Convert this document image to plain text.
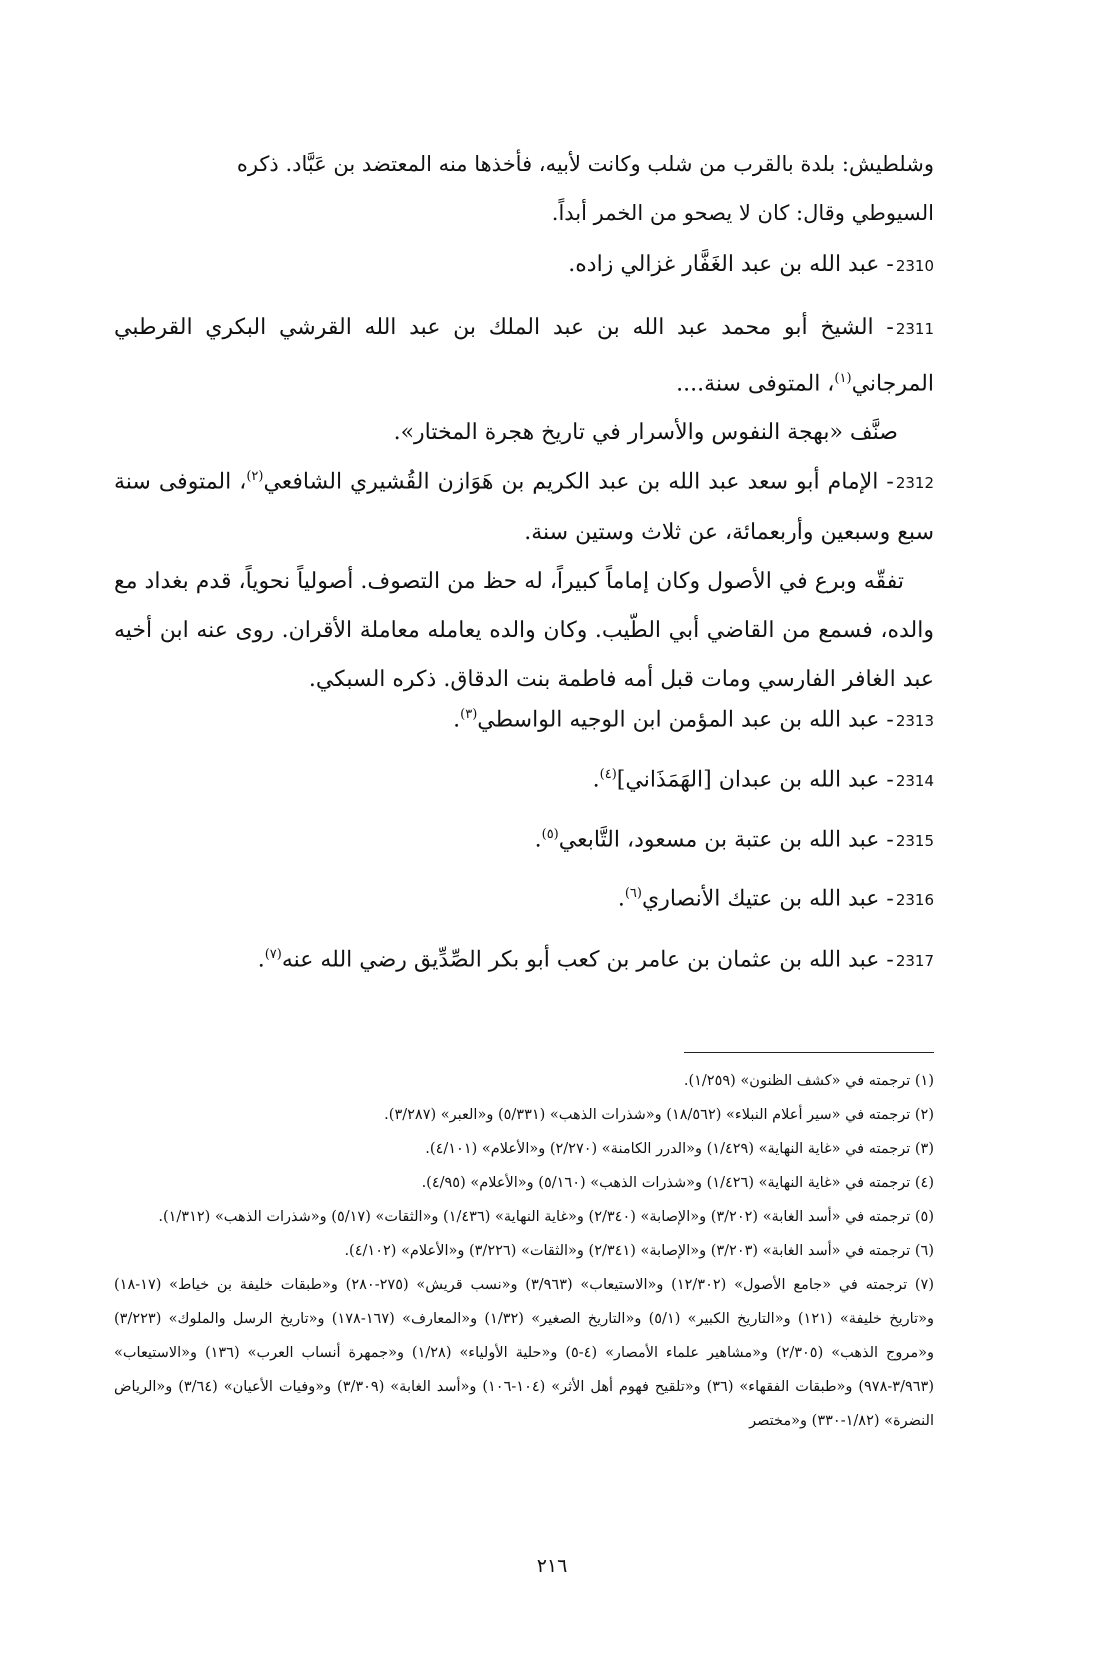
وشلطيش: بلدة بالقرب من شلب وكانت لأبيه، فأخذها منه المعتضد بن عَبَّاد. ذكره

السيوطي وقال: كان لا يصحو من الخمر أبداً.

2310- عبد الله بن عبد الغَفَّار غزالي زاده.
2311- الشيخ أبو محمد عبد الله بن عبد الملك بن عبد الله القرشي البكري القرطبي المرجاني$^{(١)}$، المتوفى سنة....
صنَّف «بهجة النفوس والأسرار في تاريخ هجرة المختار».
2312- الإمام أبو سعد عبد الله بن عبد الكريم بن هَوَازن القُشيري الشافعي$^{(٢)}$، المتوفى سنة سبع وسبعين وأربعمائة، عن ثلاث وستين سنة.
تفقّه وبرع في الأصول وكان إماماً كبيراً، له حظ من التصوف. أصولياً نحوياً، قدم بغداد مع والده، فسمع من القاضي أبي الطّيب. وكان والده يعامله معاملة الأقران. روى عنه ابن أخيه عبد الغافر الفارسي ومات قبل أمه فاطمة بنت الدقاق. ذكره السبكي.
2313- عبد الله بن عبد المؤمن ابن الوجيه الواسطي$^{(٣)}$.
2314- عبد الله بن عبدان [الهَمَذَاني]$^{(٤)}$.
2315- عبد الله بن عتبة بن مسعود، التَّابعي$^{(٥)}$.
2316- عبد الله بن عتيك الأنصاري$^{(٦)}$.
2317- عبد الله بن عثمان بن عامر بن كعب أبو بكر الصِّدِّيق رضي الله عنه$^{(٧)}$.
(١) ترجمته في «كشف الظنون» (١/٢٥٩).
(٢) ترجمته في «سير أعلام النبلاء» (١٨/٥٦٢) و«شذرات الذهب» (٥/٣٣١) و«العبر» (٣/٢٨٧).
(٣) ترجمته في «غاية النهاية» (١/٤٢٩) و«الدرر الكامنة» (٢/٢٧٠) و«الأعلام» (٤/١٠١).
(٤) ترجمته في «غاية النهاية» (١/٤٢٦) و«شذرات الذهب» (٥/١٦٠) و«الأعلام» (٤/٩٥).
(٥) ترجمته في «أسد الغابة» (٣/٢٠٢) و«الإصابة» (٢/٣٤٠) و«غاية النهاية» (١/٤٣٦) و«الثقات» (٥/١٧) و«شذرات الذهب» (١/٣١٢).
(٦) ترجمته في «أسد الغابة» (٣/٢٠٣) و«الإصابة» (٢/٣٤١) و«الثقات» (٣/٢٢٦) و«الأعلام» (٤/١٠٢).
(٧) ترجمته في «جامع الأصول» (١٢/٣٠٢) و«الاستيعاب» (٣/٩٦٣) و«نسب قريش» (٢٧٥-٢٨٠) و«طبقات خليفة بن خياط» (١٧-١٨) و«تاريخ خليفة» (١٢١) و«التاريخ الكبير» (٥/١) و«التاريخ الصغير» (١/٣٢) و«المعارف» (١٦٧-١٧٨) و«تاريخ الرسل والملوك» (٣/٢٢٣) و«مروج الذهب» (٢/٣٠٥) و«مشاهير علماء الأمصار» (٤-٥) و«حلية الأولياء» (١/٢٨) و«جمهرة أنساب العرب» (١٣٦) و«الاستيعاب» (٣/٩٦٣-٩٧٨) و«طبقات الفقهاء» (٣٦) و«تلقيح فهوم أهل الأثر» (١٠٤-١٠٦) و«أسد الغابة» (٣/٣٠٩) و«وفيات الأعيان» (٣/٦٤) و«الرياض النضرة» (١/٨٢-٣٣٠) و«مختصر
٢١٦
